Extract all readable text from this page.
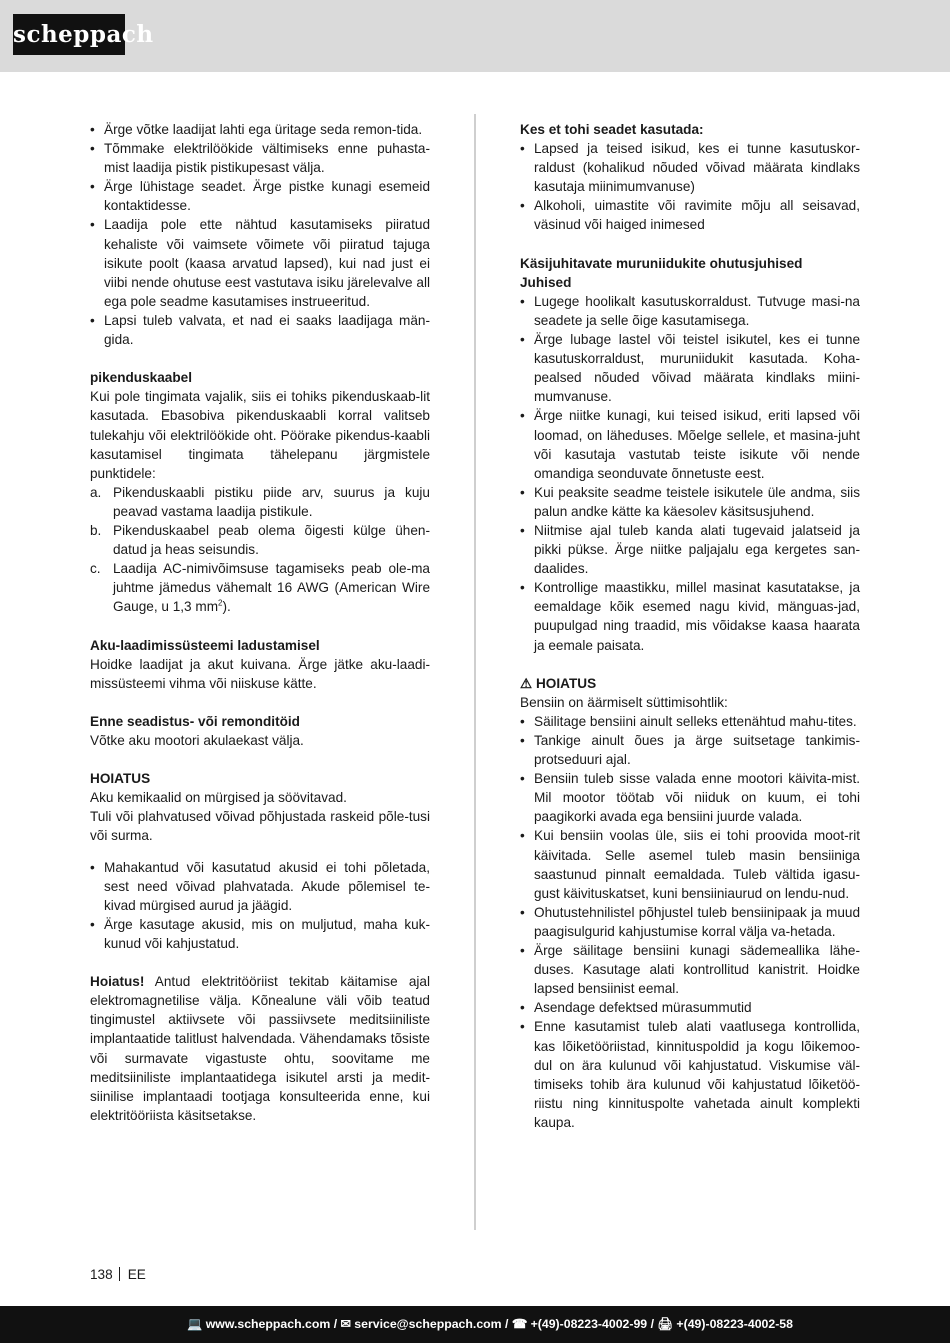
scheppach
• Ärge võtke laadijat lahti ega üritage seda remon-tida.
• Tõmmake elektrilöökide vältimiseks enne puhasta-mist laadija pistik pistikupesast välja.
• Ärge lühistage seadet. Ärge pistke kunagi esemeid kontaktidesse.
• Laadija pole ette nähtud kasutamiseks piiratud kehaliste või vaimsete võimete või piiratud tajuga isikute poolt (kaasa arvatud lapsed), kui nad just ei viibi nende ohutuse eest vastutava isiku järelevalve all ega pole seadme kasutamises instrueeritud.
• Lapsi tuleb valvata, et nad ei saaks laadijaga män-gida.

pikenduskaabel

Kui pole tingimata vajalik, siis ei tohiks pikenduskaab-lit kasutada. Ebasobiva pikenduskaabli korral valitseb tulekahju või elektrilöökide oht. Pöörake pikendus-kaabli kasutamisel tingimata tähelepanu järgmistele punktidele:

a. Pikenduskaabli pistiku piide arv, suurus ja kuju peavad vastama laadija pistikule.
b. Pikenduskaabel peab olema õigesti külge ühen-datud ja heas seisundis.
c. Laadija AC-nimivõimsuse tagamiseks peab ole-ma juhtme jämedus vähemalt 16 AWG (American Wire Gauge, u 1,3 $mm^2$).

Aku-laadimissüsteemi ladustamisel

Hoidke laadijat ja akut kuivana. Ärge jätke aku-laadi-missüsteemi vihma või niiskuse kätte.

Enne seadistus- või remonditöid

Võtke aku mootori akulaekast välja.

HOIATUS

Aku kemikaalid on mürgised ja söövitavad.

Tuli või plahvatused võivad põhjustada raskeid põle-tusi või surma.

• Mahakantud või kasutatud akusid ei tohi põletada, sest need võivad plahvatada. Akude põlemisel te-kivad mürgised aurud ja jäägid.
• Ärge kasutage akusid, mis on muljutud, maha kuk-kunud või kahjustatud.

Hoiatus! Antud elektritööriist tekitab käitamise ajal elektromagnetilise välja. Kõnealune väli võib teatud tingimustel aktiivsete või passiivsete meditsiiniliste implantaatide talitlust halvendada. Vähendamaks tõsiste või surmavate vigastuste ohtu, soovitame me meditsiiniliste implantaatidega isikutel arsti ja medit-siinilise implantaadi tootjaga konsulteerida enne, kui elektritööriista käsitsetakse.

Kes et tohi seadet kasutada:

• Lapsed ja teised isikud, kes ei tunne kasutuskor-raldust (kohalikud nõuded võivad määrata kindlaks kasutaja miinimumvanuse)
• Alkoholi, uimastite või ravimite mõju all seisavad, väsinud või haiged inimesed

Käsijuhitavate muruniidukite ohutusjuhised

Juhised

• Lugege hoolikalt kasutuskorraldust. Tutvuge masi-na seadete ja selle õige kasutamisega.
• Ärge lubage lastel või teistel isikutel, kes ei tunne kasutuskorraldust, muruniidukit kasutada. Koha-pealsed nõuded võivad määrata kindlaks miini-mumvanuse.
• Ärge niitke kunagi, kui teised isikud, eriti lapsed või loomad, on läheduses. Mõelge sellele, et masina-juht või kasutaja vastutab teiste isikute või nende omandiga seonduvate õnnetuste eest.
• Kui peaksite seadme teistele isikutele üle andma, siis palun andke kätte ka käesolev käsitsusjuhend.
• Niitmise ajal tuleb kanda alati tugevaid jalatseid ja pikki pükse. Ärge niitke paljajalu ega kergetes san-daalides.
• Kontrollige maastikku, millel masinat kasutatakse, ja eemaldage kõik esemed nagu kivid, mänguas-jad, puupulgad ning traadid, mis võidakse kaasa haarata ja eemale paisata.

⚠ HOIATUS

Bensiin on äärmiselt süttimisohtlik:

• Säilitage bensiini ainult selleks ettenähtud mahu-tites.
• Tankige ainult õues ja ärge suitsetage tankimis-protseduuri ajal.
• Bensiin tuleb sisse valada enne mootori käivita-mist. Mil mootor töötab või niiduk on kuum, ei tohi paagikorki avada ega bensiini juurde valada.
• Kui bensiin voolas üle, siis ei tohi proovida moot-rit käivitada. Selle asemel tuleb masin bensiiniga saastunud pinnalt eemaldada. Tuleb vältida igasu-gust käivituskatset, kuni bensiiniaurud on lendu-nud.
• Ohutustehnilistel põhjustel tuleb bensiinipaak ja muud paagisulgurid kahjustumise korral välja va-hetada.
• Ärge säilitage bensiini kunagi sädemeallika lähe-duses. Kasutage alati kontrollitud kanistrit. Hoidke lapsed bensiinist eemal.
• Asendage defektsed mürasummutid
• Enne kasutamist tuleb alati vaatlusega kontrollida, kas lõiketööriistad, kinnituspoldid ja kogu lõikemoo-dul on ära kulunud või kahjustatud. Viskumise väl-timiseks tohib ära kulunud või kahjustatud lõiketöö-riistu ning kinnituspolte vahetada ainult komplekti kaupa.
138 EE
💻 www.scheppach.com / ✉ service@scheppach.com / ☎ +(49)-08223-4002-99 / 🖨 +(49)-08223-4002-58
